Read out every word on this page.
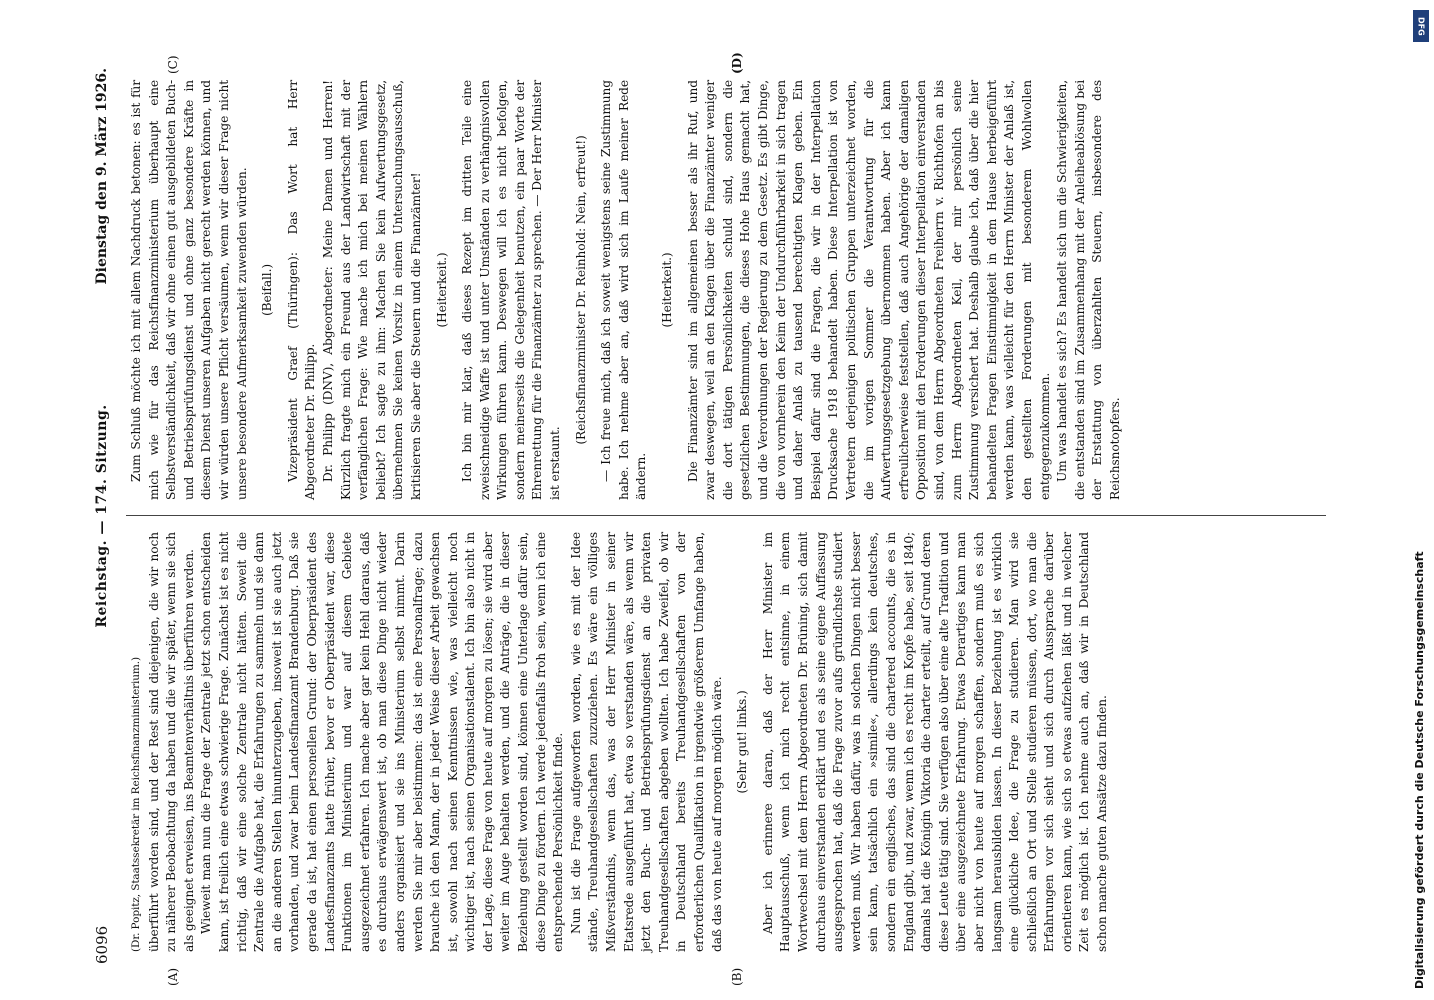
6096
Reichstag. — 174. Sitzung.
Dienstag den 9. März 1926.
(A)	(B)
(C)	(D)

(Dr. Popitz, Staatssekretär im Reichsfinanzministerium.) überführt worden sind, und der Rest sind diejenigen, die wir noch zu näherer Beobachtung da haben und die wir später, wenn sie sich als geeignet erweisen, ins Beamtenverhältnis überführen werden. Wieweit man nun die Frage der Zentrale jetzt schon entscheiden kann, ist freilich eine etwas schwierige Frage. Zunächst ist es nicht richtig, daß wir eine solche Zentrale nicht hätten. Soweit die Zentrale die Aufgabe hat, die Erfahrungen zu sammeln und sie dann an die anderen Stellen hinunterzugeben, insoweit ist sie auch jetzt vorhanden, und zwar beim Landesfinanzamt Brandenburg. Daß sie gerade da ist, hat einen personellen Grund: der Oberpräsident des Landesfinanzamts hatte früher, bevor er Oberpräsident war, diese Funktionen im Ministerium und war auf diesem Gebiete ausgezeichnet erfahren. Ich mache aber gar kein Hehl daraus, daß es durchaus erwägenswert ist, ob man diese Dinge nicht wieder anders organisiert und sie ins Ministerium selbst nimmt. Darin werden Sie mir aber beistimmen: das ist eine Personalfrage; dazu brauche ich den Mann, der in jeder Weise dieser Arbeit gewachsen ist, sowohl nach seinen Kenntnissen wie, was vielleicht noch wichtiger ist, nach seinen Organisationstalent. Ich bin also nicht in der Lage, diese Frage von heute auf morgen zu lösen; sie wird aber weiter im Auge behalten werden, und die Anträge, die in dieser Beziehung gestellt worden sind, können eine Unterlage dafür sein, diese Dinge zu fördern. Ich werde jedenfalls froh sein, wenn ich eine entsprechende Persönlichkeit finde. Nun ist die Frage aufgeworfen worden, wie es mit der Idee stände, Treuhandgesellschaften zuzuziehen. Es wäre ein völliges Mißverständnis, wenn das, was der Herr Minister in seiner Etatsrede ausgeführt hat, etwa so verstanden wäre, als wenn wir jetzt den Buch- und Betriebsprüfungsdienst an die privaten Treuhandgesellschaften abgeben wollten. Ich habe Zweifel, ob wir in Deutschland bereits Treuhandgesellschaften von der erforderlichen Qualifikation in irgendwie größerem Umfange haben, daß das von heute auf morgen möglich wäre. (Sehr gut! links.) Aber ich erinnere daran, daß der Herr Minister im Hauptausschuß, wenn ich mich recht entsinne, in einem Wortwechsel mit dem Herrn Abgeordneten Dr. Brüning, sich damit durchaus einverstanden erklärt und es als seine eigene Auffassung ausgesprochen hat, daß die Frage zuvor aufs gründlichste studiert werden muß. Wir haben dafür, was in solchen Dingen nicht besser sein kann, tatsächlich ein »simile«, allerdings kein deutsches, sondern ein englisches, das sind die chartered accounts, die es in England gibt, und zwar, wenn ich es recht im Kopfe habe, seit 1840; damals hat die Königin Viktoria die charter erteilt, auf Grund deren diese Leute tätig sind. Sie verfügen also über eine alte Tradition und über eine ausgezeichnete Erfahrung. Etwas Derartiges kann man aber nicht von heute auf morgen schaffen, sondern muß es sich langsam herausbilden lassen. In dieser Beziehung ist es wirklich eine glückliche Idee, die Frage zu studieren. Man wird sie schließlich an Ort und Stelle studieren müssen, dort, wo man die Erfahrungen vor sich sieht und sich durch Aussprache darüber orientieren kann, wie sich so etwas aufziehen läßt und in welcher Zeit es möglich ist. Ich nehme auch an, daß wir in Deutschland schon manche guten Ansätze dazu finden.

Zum Schluß möchte ich mit allem Nachdruck betonen: es ist für mich wie für das Reichsfinanzministerium überhaupt eine Selbstverständlichkeit, daß wir ohne einen gut ausgebildeten Buch- und Betriebsprüfungsdienst und ohne ganz besondere Kräfte in diesem Dienst unseren Aufgaben nicht gerecht werden können, und wir würden unsere Pflicht versäumen, wenn wir dieser Frage nicht unsere besondere Aufmerksamkeit zuwenden würden. (Beifall.) Vizepräsident Graef (Thüringen): Das Wort hat Herr Abgeordneter Dr. Philipp. Dr. Philipp (DNV), Abgeordneter: Meine Damen und Herren! Kürzlich fragte mich ein Freund aus der Landwirtschaft mit der verfänglichen Frage: Wie mache ich mich bei meinen Wählern beliebt? Ich sagte zu ihm: Machen Sie kein Aufwertungsgesetz, übernehmen Sie keinen Vorsitz in einem Untersuchungsausschuß, kritisieren Sie aber die Steuern und die Finanzämter! (Heiterkeit.) Ich bin mir klar, daß dieses Rezept im dritten Teile eine zweischneidige Waffe ist und unter Umständen zu verhängnisvollen Wirkungen führen kann. Deswegen will ich es nicht befolgen, sondern meinerseits die Gelegenheit benutzen, ein paar Worte der Ehrenrettung für die Finanzämter zu sprechen. — Der Herr Minister ist erstaunt.

(Reichsfinanzminister Dr. Reinhold: Nein, erfreut!) — Ich freue mich, daß ich soweit wenigstens seine Zustimmung habe. Ich nehme aber an, daß wird sich im Laufe meiner Rede ändern.

(Heiterkeit.) Die Finanzämter sind im allgemeinen besser als ihr Ruf, und zwar deswegen, weil an den Klagen über die Finanzämter weniger die dort tätigen Persönlichkeiten schuld sind, sondern die gesetzlichen Bestimmungen, die dieses Hohe Haus gemacht hat, und die Verordnungen der Regierung zu dem Gesetz. Es gibt Dinge, die von vornherein den Keim der Undurchführbarkeit in sich tragen und daher Anlaß zu tausend berechtigten Klagen geben. Ein Beispiel dafür sind die Fragen, die wir in der Interpellation Drucksache 1918 behandelt haben. Diese Interpellation ist von Vertretern derjenigen politischen Gruppen unterzeichnet worden, die im vorigen Sommer die Verantwortung für die Aufwertungsgesetzgebung übernommen haben. Aber ich kann erfreulicherweise feststellen, daß auch Angehörige der damaligen Opposition mit den Forderungen dieser Interpellation einverstanden sind, von dem Herrn Abgeordneten Freiherrn v. Richthofen an bis zum Herrn Abgeordneten Keil, der mir persönlich seine Zustimmung versichert hat. Deshalb glaube ich, daß über die hier behandelten Fragen Einstimmigkeit in dem Hause herbeigeführt werden kann, was vielleicht für den Herrn Minister der Anlaß ist, den gestellten Forderungen mit besonderem Wohlwollen entgegenzukommen. Um was handelt es sich? Es handelt sich um die Schwierigkeiten, die entstanden sind im Zusammenhang mit der Anleiheablösung bei der Erstattung von überzahlten Steuern, insbesondere des Reichsnotopfers.

DFG
Digitalisierung gefördert durch die Deutsche Forschungsgemeinschaft
